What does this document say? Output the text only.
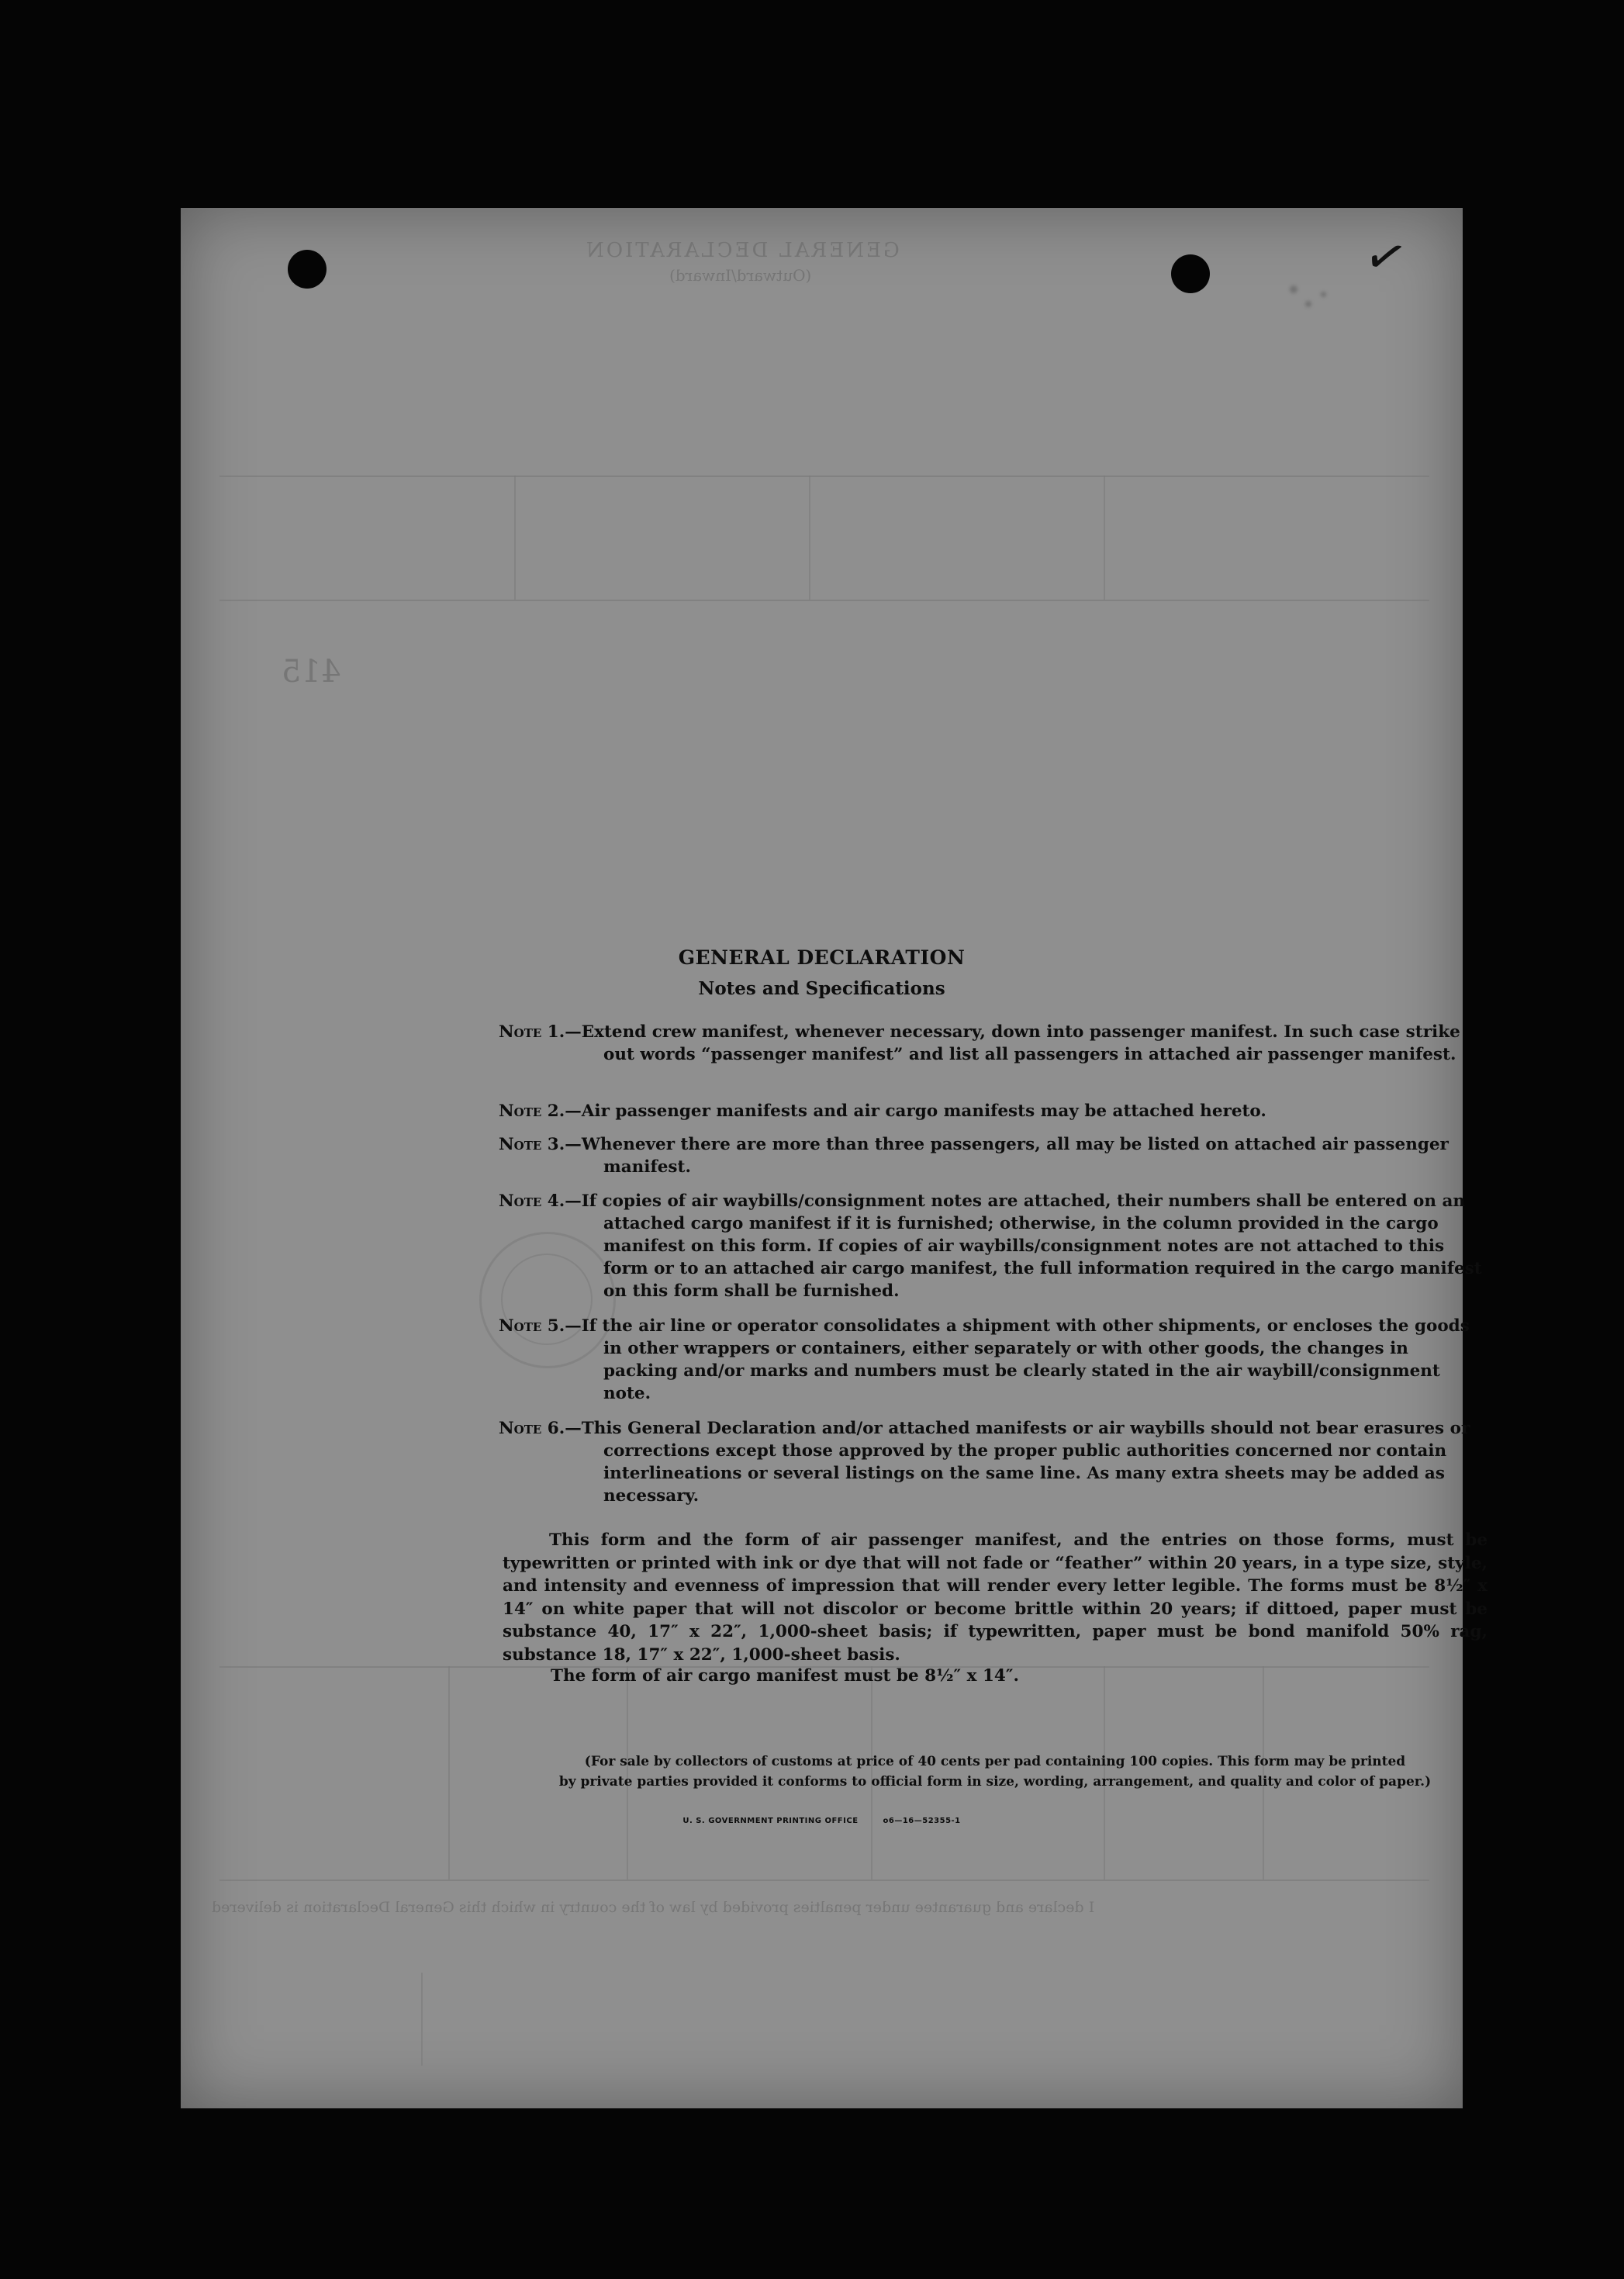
GENERAL DECLARATION
(Outward/Inward)
415
I declare and guarantee under penalties provided by law of the country in which this General Declaration is delivered
GENERAL DECLARATION
Notes and Specifications
Note 1.—Extend crew manifest, whenever necessary, down into passenger manifest. In such case strike out words “passenger manifest” and list all passengers in attached air passenger manifest.
Note 2.—Air passenger manifests and air cargo manifests may be attached hereto.
Note 3.—Whenever there are more than three passengers, all may be listed on attached air passenger manifest.
Note 4.—If copies of air waybills/consignment notes are attached, their numbers shall be entered on an attached cargo manifest if it is furnished; otherwise, in the column provided in the cargo manifest on this form. If copies of air waybills/consignment notes are not attached to this form or to an attached air cargo manifest, the full information required in the cargo manifest on this form shall be furnished.
Note 5.—If the air line or operator consolidates a shipment with other shipments, or encloses the goods in other wrappers or containers, either separately or with other goods, the changes in packing and/or marks and numbers must be clearly stated in the air waybill/consignment note.
Note 6.—This General Declaration and/or attached manifests or air waybills should not bear erasures or corrections except those approved by the proper public authorities concerned nor contain interlineations or several listings on the same line. As many extra sheets may be added as necessary.
This form and the form of air passenger manifest, and the entries on those forms, must be typewritten or printed with ink or dye that will not fade or “feather” within 20 years, in a type size, style, and intensity and evenness of impression that will render every letter legible. The forms must be 8½″ x 14″ on white paper that will not discolor or become brittle within 20 years; if dittoed, paper must be substance 40, 17″ x 22″, 1,000-sheet basis; if typewritten, paper must be bond manifold 50% rag, substance 18, 17″ x 22″, 1,000-sheet basis.
The form of air cargo manifest must be 8½″ x 14″.
(For sale by collectors of customs at price of 40 cents per pad containing 100 copies. This form may be printed
by private parties provided it conforms to official form in size, wording, arrangement, and quality and color of paper.)
U. S. GOVERNMENT PRINTING OFFICE	o6—16—52355-1
✓
